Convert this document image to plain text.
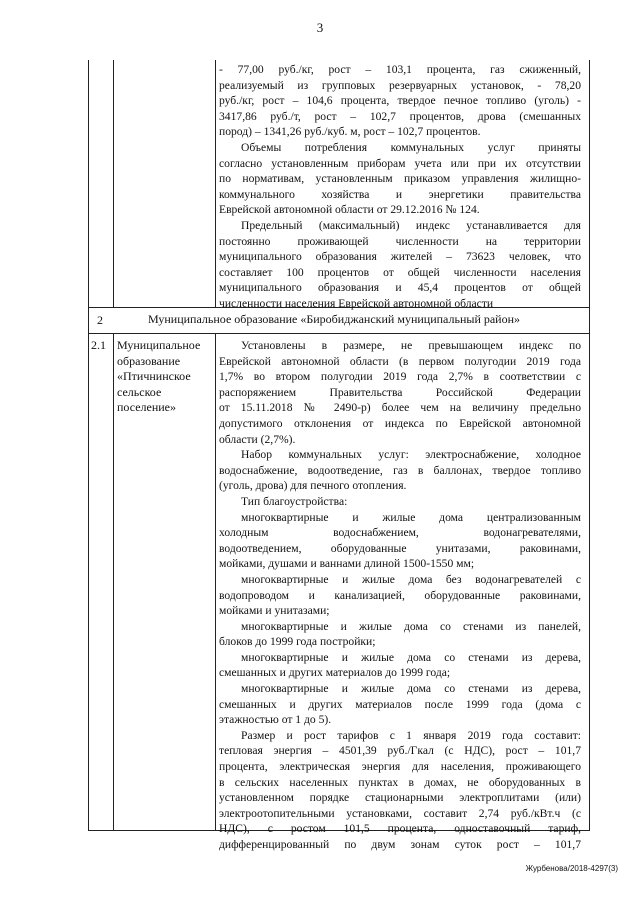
3

- 77,00 руб./кг, рост – 103,1 процента, газ сжиженный,

реализуемый из групповых резервуарных установок, - 78,20

руб./кг, рост – 104,6 процента, твердое печное топливо (уголь) -

3417,86 руб./т, рост – 102,7 процентов, дрова (смешанных

пород) – 1341,26 руб./куб. м, рост – 102,7 процентов.

Объемы потребления коммунальных услуг приняты

согласно установленным приборам учета или при их отсутствии

по нормативам, установленным приказом управления жилищно-

коммунального хозяйства и энергетики правительства

Еврейской автономной области от 29.12.2016 № 124.

Предельный (максимальный) индекс устанавливается для

постоянно проживающей численности на территории

муниципального образования жителей – 73623 человек, что

составляет 100 процентов от общей численности населения

муниципального образования и 45,4 процентов от общей

численности населения Еврейской автономной области

2	Муниципальное образование «Биробиджанский муниципальный район»
2.1 Муниципальное
образование
«Птичнинское
сельское
поселение»

Установлены в размере, не превышающем индекс по

Еврейской автономной области (в первом полугодии 2019 года

1,7% во втором полугодии 2019 года 2,7% в соответствии с

распоряжением Правительства Российской Федерации

от 15.11.2018 № 2490-р) более чем на величину предельно

допустимого отклонения от индекса по Еврейской автономной

области (2,7%).

Набор коммунальных услуг: электроснабжение, холодное

водоснабжение, водоотведение, газ в баллонах, твердое топливо

(уголь, дрова) для печного отопления.

Тип благоустройства:

многоквартирные и жилые дома централизованным

холодным водоснабжением, водонагревателями,

водоотведением, оборудованные унитазами, раковинами,

мойками, душами и ваннами длиной 1500-1550 мм;

многоквартирные и жилые дома без водонагревателей с

водопроводом и канализацией, оборудованные раковинами,

мойками и унитазами;

многоквартирные и жилые дома со стенами из панелей,

блоков до 1999 года постройки;

многоквартирные и жилые дома со стенами из дерева,

смешанных и других материалов до 1999 года;

многоквартирные и жилые дома со стенами из дерева,

смешанных и других материалов после 1999 года (дома с

этажностью от 1 до 5).

Размер и рост тарифов с 1 января 2019 года составит:

тепловая энергия – 4501,39 руб./Гкал (с НДС), рост – 101,7

процента, электрическая энергия для населения, проживающего

в сельских населенных пунктах в домах, не оборудованных в

установленном порядке стационарными электроплитами (или)

электроотопительными установками, составит 2,74 руб./кВт.ч (с

НДС), с ростом 101,5 процента, одноставочный тариф,

дифференцированный по двум зонам суток рост – 101,7

Журбенова/2018-4297(3)
